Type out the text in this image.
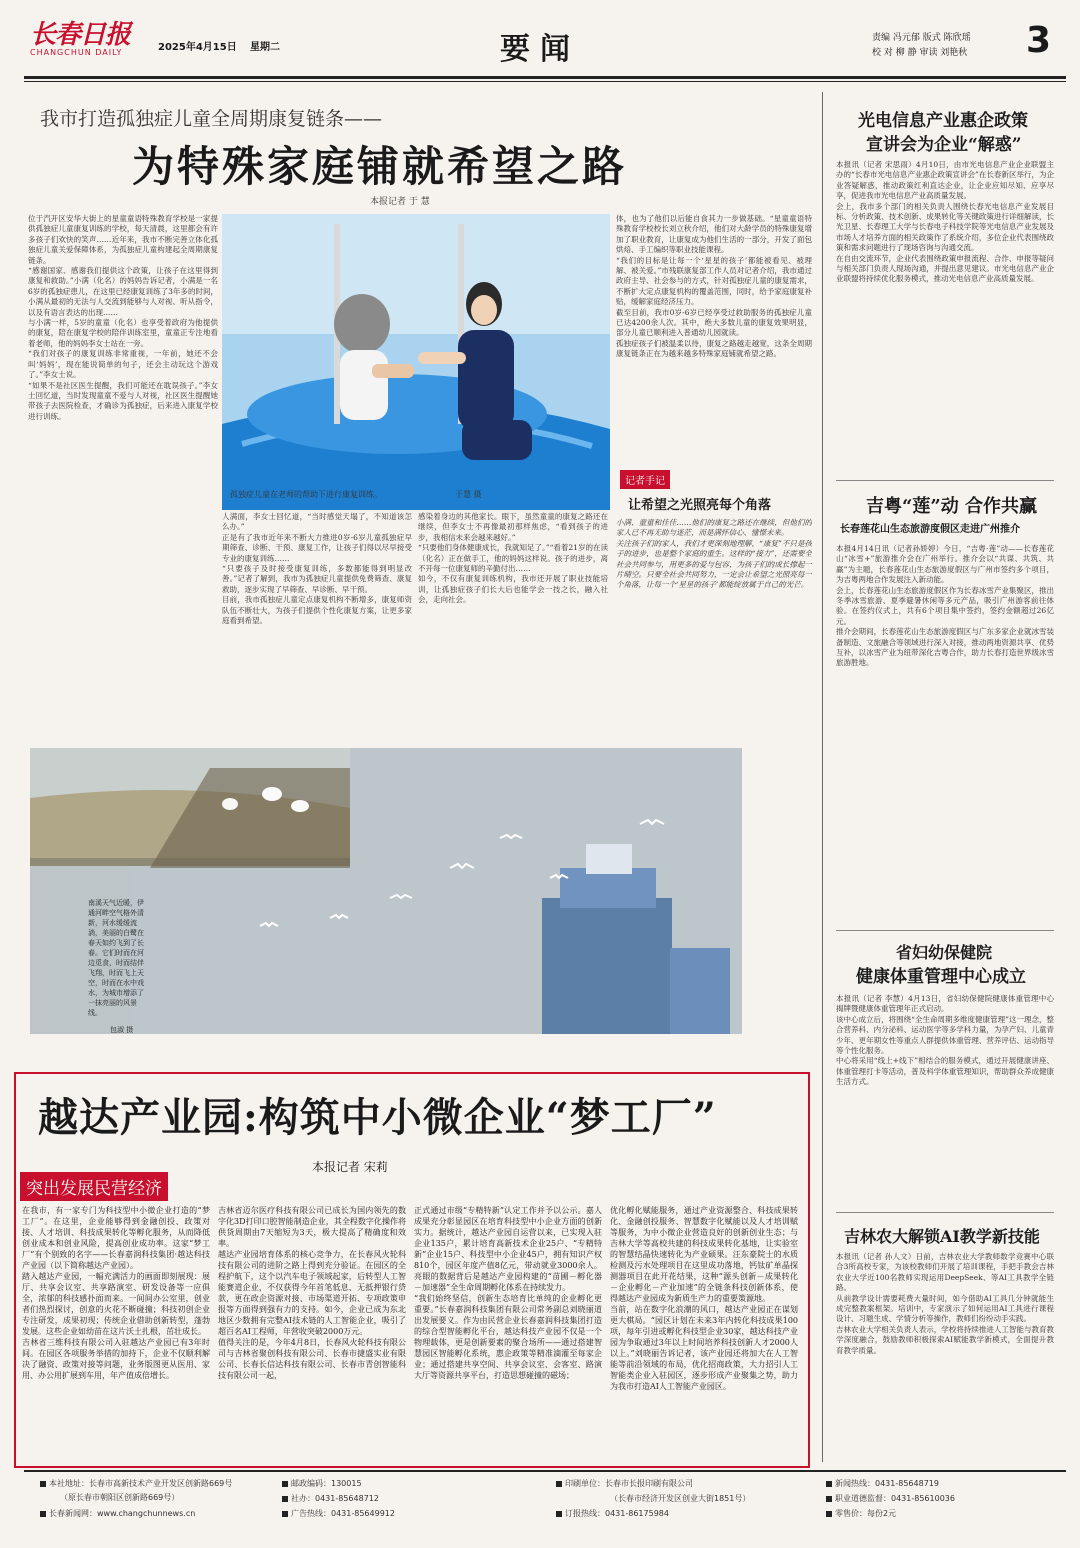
长春日报
CHANGCHUN DAILY	2025年4月15日 星期二	要闻	责编 冯元郁 版式 陈欣瑶
校 对 柳 静 审读 刘艳秋 3
我市打造孤独症儿童全周期康复链条——
为特殊家庭铺就希望之路
本报记者 于 慧
位于汽开区安华大街上的星童童语特殊教育学校是一家提供孤独症儿童康复训练的学校，每天清晨，这里都会有许多孩子们欢快的笑声……近年来，我市不断完善立体化孤独症儿童关爱保障体系，为孤独症儿童构建起全周期康复链条。
“感谢国家、感谢我们提供这个政策，让孩子在这里得到康复和救助。”小满（化名）的妈妈告诉记者，小满是一名6岁的孤独症患儿，在这里已经康复训练了3年多的时间，小满从最初的无法与人交流到能够与人对视、听从指令，以及有语言表达的出现……
与小满一样，5岁的童童（化名）也享受着政府为他提供的康复，陪在康复学校的陪伴训练室里，童童正专注地看着老师，他的妈妈李女士站在一旁。
“我们对孩子的康复训练非常重视，一年前，她还不会叫‘妈妈’，现在能说简单的句子，还会主动玩这个游戏了。”李女士说。
“如果不是社区医生提醒，我们可能还在耽误孩子。”李女士回忆道，当时发现童童不爱与人对视，社区医生提醒她带孩子去医院检查，才确诊为孤独症，后来进入康复学校进行训练。
孤独症儿童在老师的帮助下进行康复训练。	于慧 摄
人满面，李女士回忆道，“当时感觉天塌了，不知道该怎么办。”
正是有了我市近年来不断大力推进0岁-6岁儿童孤独症早期筛查、诊断、干预、康复工作，让孩子们得以尽早接受专业的康复训练……
“只要孩子及时接受康复训练，多数都能得到明显改善。”记者了解到，我市为孤独症儿童提供免费筛查、康复救助，逐步实现了早筛查、早诊断、早干预。
目前，我市孤独症儿童定点康复机构不断增多，康复师资队伍不断壮大，为孩子们提供个性化康复方案，让更多家庭看到希望。
感染着身边的其他家长。眼下，虽然童童的康复之路还在继续，但李女士不再像最初那样焦虑，“看到孩子的进步，我相信未来会越来越好。”
“只要他们身体健康成长，我就知足了。”“看着21岁的在读（化名）正在做手工，他的妈妈这样说。孩子的进步，离不开每一位康复师的辛勤付出……
如今，不仅有康复训练机构，我市还开展了职业技能培训，让孤独症孩子们长大后也能学会一技之长，融入社会，走向社会。
体，也为了他们以后能自食其力一步做基础。“星童童语特殊教育学校校长刘立秋介绍，他们对大龄学员的特殊康复增加了职业教育，让康复成为他们生活的一部分，开发了面包烘焙、手工编织等职业技能课程。
“我们的目标是让每一个‘星星的孩子’都能被看见、被理解、被关爱。”市残联康复部工作人员对记者介绍，我市通过政府主导、社会参与的方式，针对孤独症儿童的康复需求，不断扩大定点康复机构的覆盖范围，同时，给予家庭康复补贴，缓解家庭经济压力。
截至目前，我市0岁-6岁已经享受过救助服务的孤独症儿童已达4200余人次。其中，绝大多数儿童的康复效果明显，部分儿童已顺利进入普通幼儿园就读。
孤独症孩子们被温柔以待，康复之路越走越宽，这条全周期康复链条正在为越来越多特殊家庭铺就希望之路。
记者手记
让希望之光照亮每个角落
小满、童童和佳佳……他们的康复之路还在继续，但他们的家人已不再无助与迷茫，而是满怀信心、憧憬未来。
关注孩子们的家人，我们才更深刻地理解，“康复”不只是孩子的进步，也是整个家庭的重生。这样的“接力”，还需要全社会共同参与，用更多的爱与包容，为孩子们的成长撑起一片晴空。只要全社会共同努力，一定会让希望之光照亮每一个角落，让每一个‘星星的孩子’都能绽放属于自己的光芒。
南溪天气近暖，伊通河畔空气格外清新，河水缓缓流淌，美丽的白鹭在春天如约飞到了长春。它们时而在河边觅食，时而结伴飞翔，时而飞上天空，时而在水中戏水，为城市增添了一抹亮丽的风景线。
包淑 摄
越达产业园:构筑中小微企业“梦工厂”
本报记者 宋莉
突出发展民营经济
在我市，有一家专门为科技型中小微企业打造的“梦工厂”。在这里，企业能够得到金融创投、政策对接、人才培训、科技成果转化等孵化服务，从而降低创业成本和创业风险，提高创业成功率。这家“梦工厂”有个别致的名字——长春嘉润科技集团·越达科技产业园（以下简称越达产业园）。
踏入越达产业园，一幅充满活力的画面即刻展现：展厅、共享会议室、共享路演室、研发设备等一应俱全，浓郁的科技感扑面而来。一间间办公室里，创业者们热烈探讨，创意的火花不断碰撞；科技初创企业专注研发，成果初现；传统企业借助创新转型，蓬勃发展。这些企业如幼苗在这片沃土扎根，茁壮成长。
吉林省三维科技有限公司入驻越达产业园已有3年时间。在园区各项服务举措的加持下，企业不仅顺利解决了融资、政策对接等问题，业务版图更从医用、家用、办公用扩展到车用，年产值成倍增长。
吉林省迈尔医疗科技有限公司已成长为国内领先的数字化3D打印口腔智能制造企业，其全程数字化操作将供货周期由7天缩短为3天，极大提高了精确度和效率。
越达产业园培育体系的核心竞争力，在长春风火轮科技有限公司的进阶之路上得到充分验证。在园区的全程护航下，这个以汽车电子领域起家，后转型人工智能赛道企业，不仅获得今年首笔低息、无抵押银行贷款，更在政企资源对接、市场渠道开拓、专项政策申报等方面得到强有力的支持。如今，企业已成为东北地区少数拥有完整AI技术链的人工智能企业，吸引了超百名AI工程师，年营收突破2000万元。
值得关注的是，今年4月8日，长春风火轮科技有限公司与吉林省聚创科技有限公司、长春市捷盛实业有限公司、长春长信达科技有限公司、长春市青创智能科技有限公司一起，
正式通过市级“专精特新”认定工作并予以公示。嘉人成果充分彰显园区在培育科技型中小企业方面的创新实力。据统计，越达产业园自运营以来，已实现入驻企业135户，累计培育高新技术企业25户、“专精特新”企业15户、科技型中小企业45户，拥有知识产权810个，园区年度产值8亿元，带动就业3000余人。亮眼的数据背后是越达产业园构建的“苗圃－孵化器－加速器”全生命周期孵化体系在持续发力。
“我们始终坚信，创新生态培育比单纯的企业孵化更重要。”长春嘉润科技集团有限公司常务副总刘晓丽道出发展要义。作为由民营企业长春嘉润科技集团打造的综合型智能孵化平台，越达科技产业园不仅是一个物理载体，更是创新要素的聚合场所——通过搭建智慧园区智能孵化系统，惠企政策等精准滴灌至每家企业；通过搭建共享空间、共享会议室、会客室、路演大厅等资源共享平台，打造思想碰撞的磁场；
优化孵化赋能服务，通过产业资源整合、科技成果转化、金融创投服务、智慧数字化赋能以及人才培训赋等服务，为中小微企业营造良好的创新创业生态；与吉林大学等高校共建的科技成果转化基地，让实验室的智慧结晶快速转化为产业硕果。汪东豪院士的水质检测及污水处理项目在这里成功落地，钙钛矿单晶探测器项目在此开花结果，这种“源头创新－成果转化－企业孵化－产业加速”的全链条科技创新体系，使得越达产业园成为新质生产力的重要策源地。
当前，站在数字化浪潮的风口，越达产业园正在谋划更大棋局。“园区计划在未来3年内转化科技成果100项，每年引进或孵化科技型企业30家，越达科技产业园为争取通过3年以上时间培养科技创新人才2000人以上。”刘晓丽告诉记者，该产业园还将加大在人工智能等前沿领域的布局，优化招商政策，大力招引人工智能类企业入驻园区，逐步形成产业聚集之势，助力为我市打造AI人工智能产业园区。
光电信息产业惠企政策
宣讲会为企业“解惑”
本报讯（记者 宋思雨）4月10日，由市光电信息产业企业联盟主办的“长春市光电信息产业惠企政策宣讲会”在长春新区举行，为企业答疑解惑，推动政策红利直达企业，让企业应知尽知、应享尽享，促进我市光电信息产业高质量发展。
会上，我市多个部门的相关负责人围绕长春光电信息产业发展目标、分析政策、技术创新、成果转化等关键政策进行详细解读，长光卫星、长春理工大学与长春电子科技学院等光电信息产业发展及市场人才培养方面的相关政策作了系统介绍，多位企业代表围绕政策和需求问题进行了现场咨询与沟通交流。
在自由交流环节，企业代表围绕政策申报流程、合作、申报等疑问与相关部门负责人现场沟通，并提出意见建议。市光电信息产业企业联盟将持续优化服务模式，推动光电信息产业高质量发展。
吉粤“莲”动 合作共赢
长春莲花山生态旅游度假区走进广州推介
本报4月14日讯（记者孙娇婷）今日，“吉粤·莲”动——长春莲花山“冰雪+”旅游推介会在广州举行。推介会以“共谋、共筑、共赢”为主题，长春莲花山生态旅游度假区与广州市签约多个项目，为吉粤两地合作发展注入新动能。
会上，长春莲花山生态旅游度假区作为长春冰雪产业集聚区，推出冬季冰雪旅游、夏季避暑休闲等多元产品，吸引广州游客前往体验。在签约仪式上，共有6个项目集中签约，签约金额超过26亿元。
推介会期间，长春莲花山生态旅游度假区与广东多家企业就冰雪装备制造、文旅融合等领域进行深入对接，推动两地资源共享、优势互补，以冰雪产业为纽带深化吉粤合作，助力长春打造世界级冰雪旅游胜地。
省妇幼保健院
健康体重管理中心成立
本报讯（记者 李慧）4月13日，省妇幼保健院健康体重管理中心揭牌暨健康体重管理年正式启动。
该中心成立后，将围绕“全生命周期多维度健康管理”这一理念，整合营养科、内分泌科、运动医学等多学科力量，为孕产妇、儿童青少年、更年期女性等重点人群提供体重管理、营养评估、运动指导等个性化服务。
中心将采用“线上+线下”相结合的服务模式，通过开展健康讲座、体重管理打卡等活动，普及科学体重管理知识，帮助群众养成健康生活方式。
吉林农大解锁AI教学新技能
本报讯（记者 孙人文）日前，吉林农业大学教师数学竞赛中心联合3所高校专家，为该校教师们开展了培训课程，手把手教会吉林农业大学近100名教师实现运用DeepSeek、等AI工具教学全链路。
从前教学设计需要耗费大量时间，如今借助AI工具几分钟就能生成完整教案框架。培训中，专家演示了如何运用AI工具进行课程设计、习题生成、学情分析等操作，教师们纷纷动手实践。
吉林农业大学相关负责人表示，学校将持续推进人工智能与教育教学深度融合，鼓励教师积极探索AI赋能教学新模式，全面提升教育教学质量。
本社地址：长春市高新技术产业开发区创新路669号
（原长春市朝阳区创新路669号）
长春新闻网：www.changchunnews.cn
邮政编码：130015
社办：0431-85648712
广告热线：0431-85649912
印刷单位：长春市长报印刷有限公司
（长春市经济开发区创业大街1851号）
订报热线：0431-86175984
新闻热线：0431-85648719
职业道德监督：0431-85610036
零售价：每份2元
